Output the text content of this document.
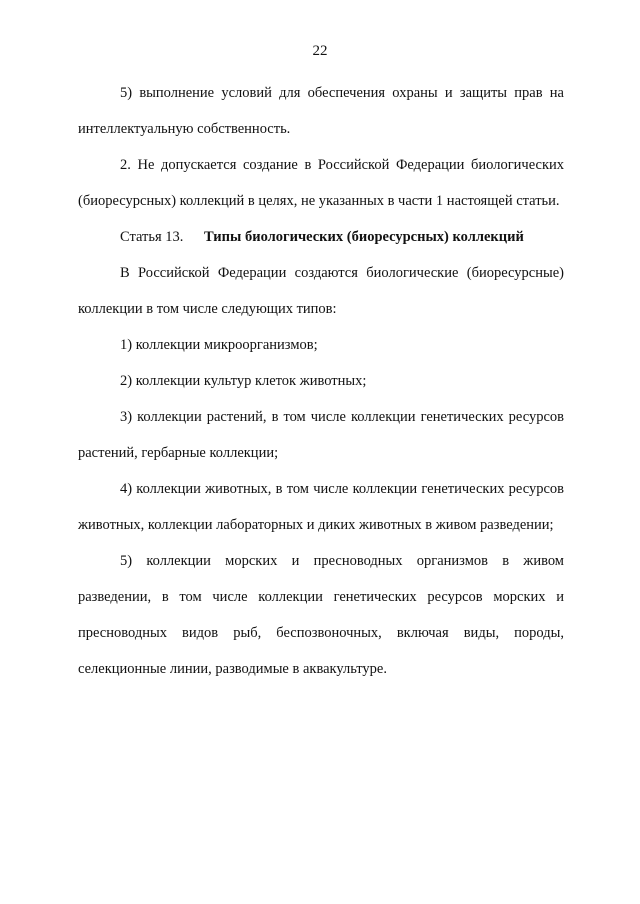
22

5) выполнение условий для обеспечения охраны и защиты прав на интеллектуальную собственность.

2. Не допускается создание в Российской Федерации биологических (биоресурсных) коллекций в целях, не указанных в части 1 настоящей статьи.

Статья 13. Типы биологических (биоресурсных) коллекций

В Российской Федерации создаются биологические (биоресурсные) коллекции в том числе следующих типов:

1) коллекции микроорганизмов;

2) коллекции культур клеток животных;

3) коллекции растений, в том числе коллекции генетических ресурсов растений, гербарные коллекции;

4) коллекции животных, в том числе коллекции генетических ресурсов животных, коллекции лабораторных и диких животных в живом разведении;

5) коллекции морских и пресноводных организмов в живом разведении, в том числе коллекции генетических ресурсов морских и пресноводных видов рыб, беспозвоночных, включая виды, породы, селекционные линии, разводимые в аквакультуре.
